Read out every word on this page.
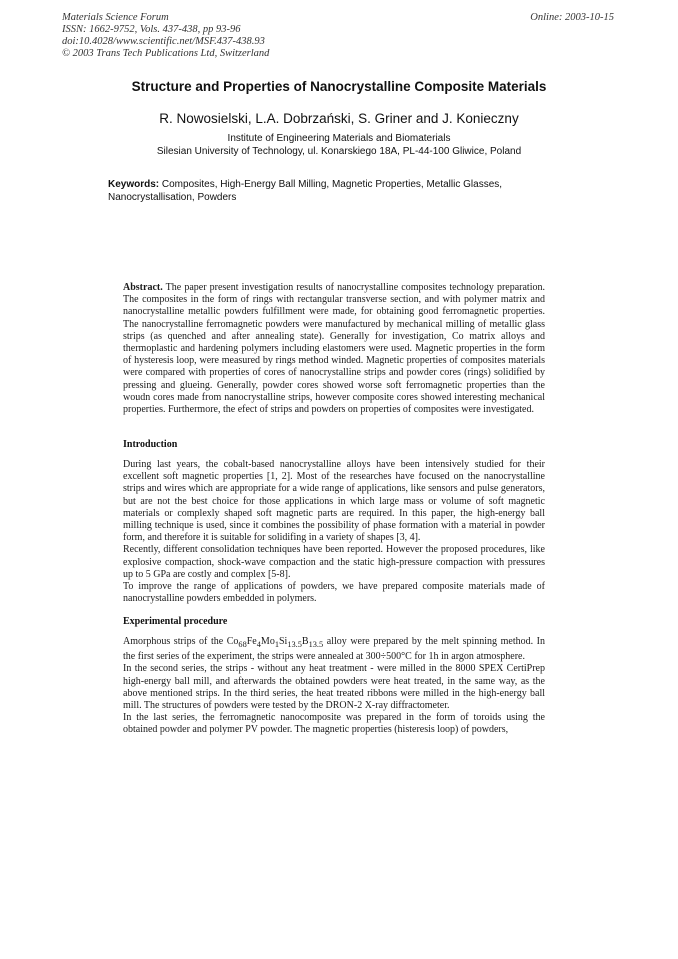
Materials Science Forum
ISSN: 1662-9752, Vols. 437-438, pp 93-96
doi:10.4028/www.scientific.net/MSF.437-438.93
© 2003 Trans Tech Publications Ltd, Switzerland
Online: 2003-10-15
Structure and Properties of Nanocrystalline Composite Materials
R. Nowosielski, L.A. Dobrzański, S. Griner and J. Konieczny
Institute of Engineering Materials and Biomaterials
Silesian University of Technology, ul. Konarskiego 18A, PL-44-100 Gliwice, Poland
Keywords: Composites, High-Energy Ball Milling, Magnetic Properties, Metallic Glasses, Nanocrystallisation, Powders
Abstract. The paper present investigation results of nanocrystalline composites technology preparation. The composites in the form of rings with rectangular transverse section, and with polymer matrix and nanocrystalline metallic powders fulfillment were made, for obtaining good ferromagnetic properties. The nanocrystalline ferromagnetic powders were manufactured by mechanical milling of metallic glass strips (as quenched and after annealing state). Generally for investigation, Co matrix alloys and thermoplastic and hardening polymers including elastomers were used. Magnetic properties in the form of hysteresis loop, were measured by rings method winded. Magnetic properties of composites materials were compared with properties of cores of nanocrystalline strips and powder cores (rings) solidified by pressing and glueing. Generally, powder cores showed worse soft ferromagnetic properties than the woudn cores made from nanocrystalline strips, however composite cores showed interesting mechanical properties. Furthermore, the efect of strips and powders on properties of composites were investigated.
Introduction

During last years, the cobalt-based nanocrystalline alloys have been intensively studied for their excellent soft magnetic properties [1, 2]. Most of the researches have focused on the nanocrystalline strips and wires which are appropriate for a wide range of applications, like sensors and pulse generators, but are not the best choice for those applications in which large mass or volume of soft magnetic materials or complexly shaped soft magnetic parts are required. In this paper, the high-energy ball milling technique is used, since it combines the possibility of phase formation with a material in powder form, and therefore it is suitable for solidifing in a variety of shapes [3, 4].

Recently, different consolidation techniques have been reported. However the proposed procedures, like explosive compaction, shock-wave compaction and the static high-pressure compaction with pressures up to 5 GPa are costly and complex [5-8].

To improve the range of applications of powders, we have prepared composite materials made of nanocrystalline powders embedded in polymers.

Experimental procedure

Amorphous strips of the $Co_{68}Fe_4Mo_1Si_{13.5}B_{13.5}$ alloy were prepared by the melt spinning method. In the first series of the experiment, the strips were annealed at 300÷500°C for 1h in argon atmosphere.

In the second series, the strips - without any heat treatment - were milled in the 8000 SPEX CertiPrep high-energy ball mill, and afterwards the obtained powders were heat treated, in the same way, as the above mentioned strips. In the third series, the heat treated ribbons were milled in the high-energy ball mill. The structures of powders were tested by the DRON-2 X-ray diffractometer.

In the last series, the ferromagnetic nanocomposite was prepared in the form of toroids using the obtained powder and polymer PV powder. The magnetic properties (histeresis loop) of powders,
